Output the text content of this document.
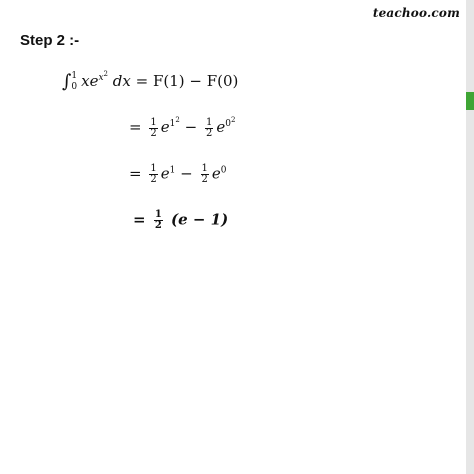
teachoo.com
Step 2 :-
∫ 1
0 $xe^{x^2}$ dx = F(1) − F(0)
= $\frac{1}{2} e^{1^2} - \frac{1}{2} e^{0^2}$
= $\frac{1}{2} e^1 - \frac{1}{2} e^0$
= $\frac{1}{2} (e - 1)$
